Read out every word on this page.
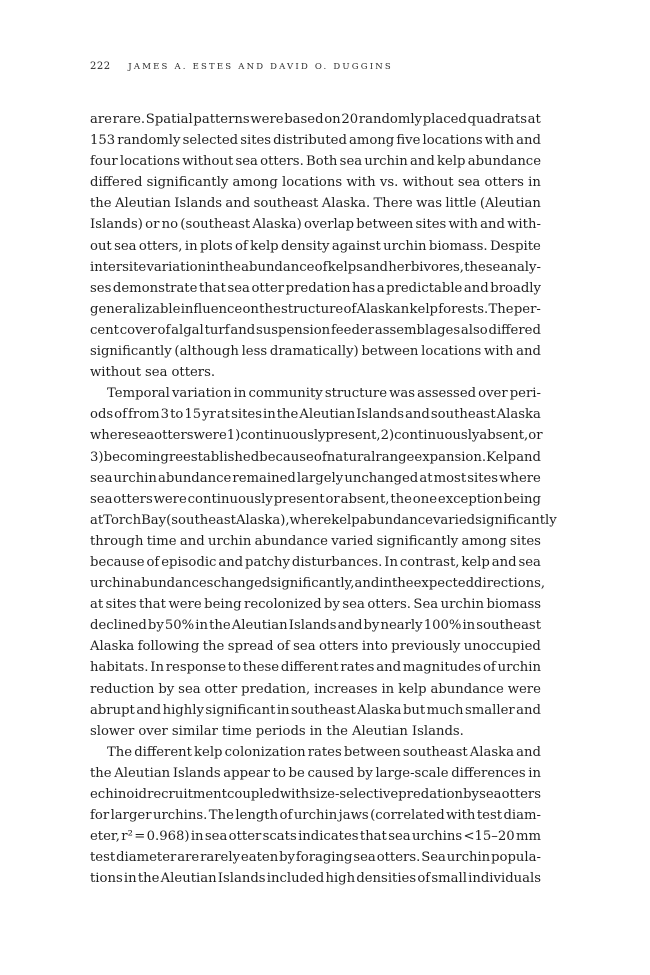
222 JAMES A. ESTES AND DAVID O. DUGGINS
are rare. Spatial patterns were based on 20 randomly placed quadrats at
153 randomly selected sites distributed among five locations with and
four locations without sea otters. Both sea urchin and kelp abundance
differed significantly among locations with vs. without sea otters in
the Aleutian Islands and southeast Alaska. There was little (Aleutian
Islands) or no (southeast Alaska) overlap between sites with and with-
out sea otters, in plots of kelp density against urchin biomass. Despite
intersite variation in the abundance of kelps and herbivores, these analy-
ses demonstrate that sea otter predation has a predictable and broadly
generalizable influence on the structure of Alaskan kelp forests. The per-
cent cover of algal turf and suspension feeder assemblages also differed
significantly (although less dramatically) between locations with and
without sea otters.
Temporal variation in community structure was assessed over peri-
ods of from 3 to 15 yr at sites in the Aleutian Islands and southeast Alaska
where sea otters were 1) continuously present, 2) continuously absent, or
3) becoming reestablished because of natural range expansion. Kelp and
sea urchin abundance remained largely unchanged at most sites where
sea otters were continuously present or absent, the one exception being
at Torch Bay (southeast Alaska), where kelp abundance varied significantly
through time and urchin abundance varied significantly among sites
because of episodic and patchy disturbances. In contrast, kelp and sea
urchin abundances changed significantly, and in the expected directions,
at sites that were being recolonized by sea otters. Sea urchin biomass
declined by 50% in the Aleutian Islands and by nearly 100% in southeast
Alaska following the spread of sea otters into previously unoccupied
habitats. In response to these different rates and magnitudes of urchin
reduction by sea otter predation, increases in kelp abundance were
abrupt and highly significant in southeast Alaska but much smaller and
slower over similar time periods in the Aleutian Islands.
The different kelp colonization rates between southeast Alaska and
the Aleutian Islands appear to be caused by large-scale differences in
echinoid recruitment coupled with size-selective predation by sea otters
for larger urchins. The length of urchin jaws (correlated with test diam-
eter, r² = 0.968) in sea otter scats indicates that sea urchins <15–20 mm
test diameter are rarely eaten by foraging sea otters. Sea urchin popula-
tions in the Aleutian Islands included high densities of small individuals
